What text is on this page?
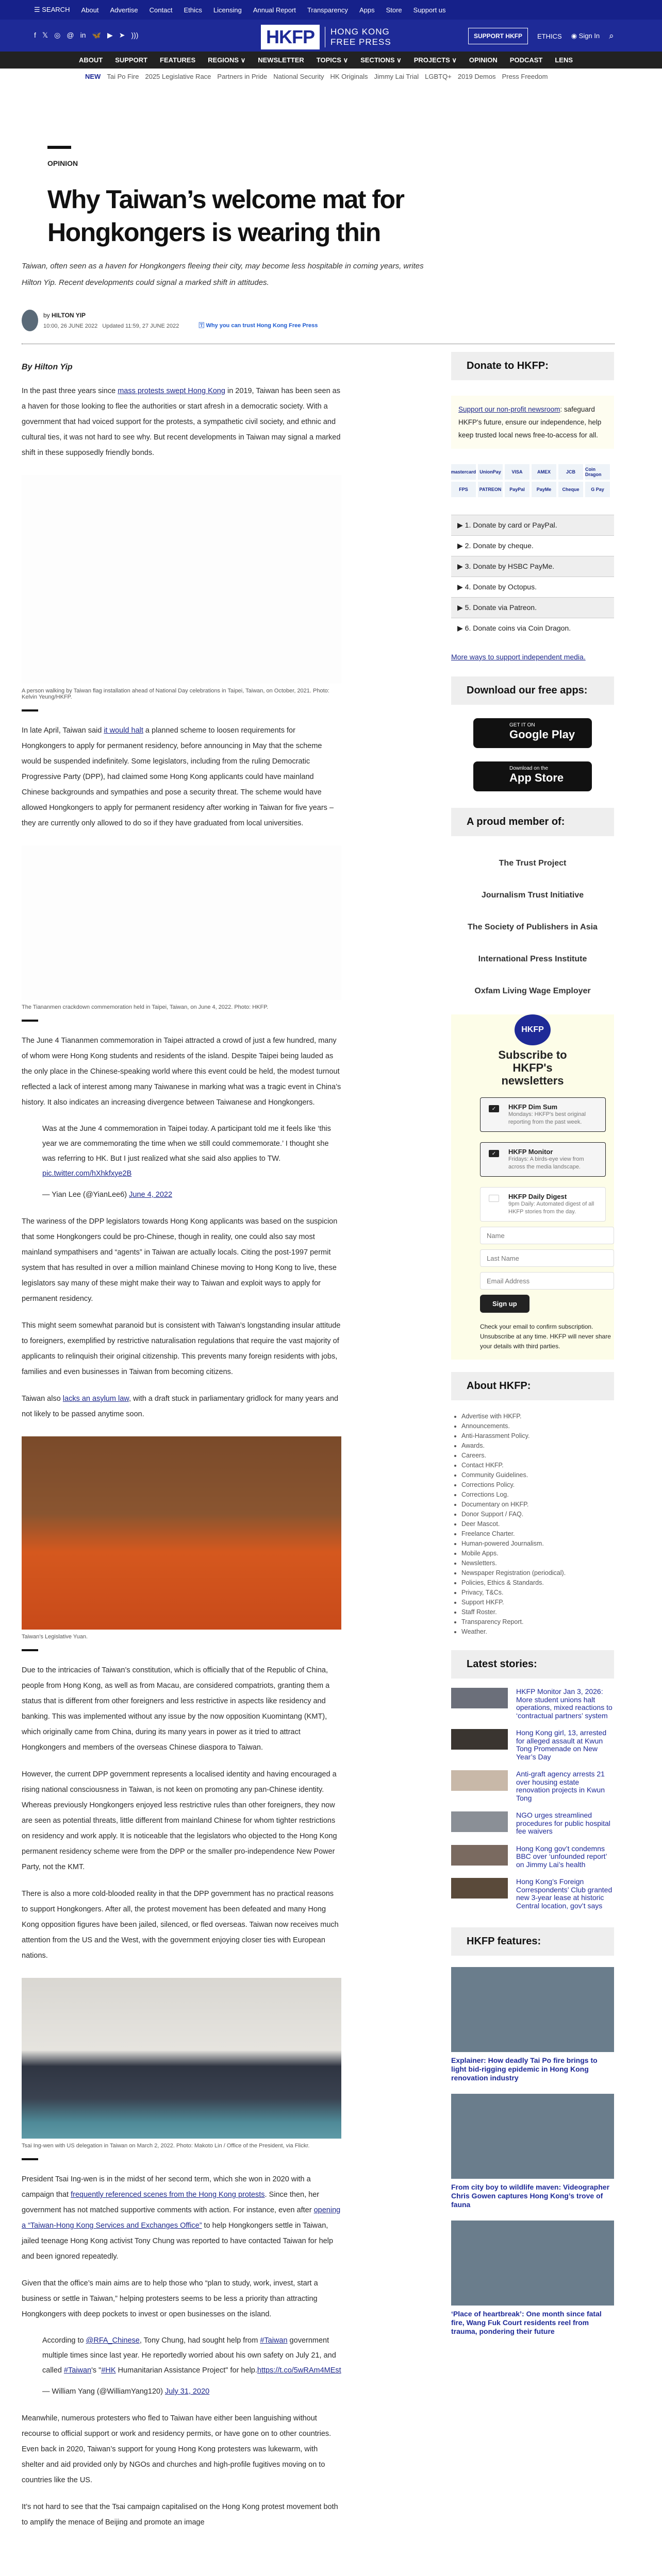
☰ SEARCH About Advertise Contact Ethics Licensing Annual Report Transparency Apps Store Support us
f 𝕏 ◎ @ in 🦋 ▶ ➤ )))	HKFP	HONG KONG
FREE PRESS
SUPPORT HKFP	ETHICS ◉ Sign In ⌕
ABOUT SUPPORT FEATURES REGIONS ∨ NEWSLETTER TOPICS ∨ SECTIONS ∨ PROJECTS ∨ OPINION PODCAST LENS
NEW Tai Po Fire 2025 Legislative Race Partners in Pride National Security HK Originals Jimmy Lai Trial LGBTQ+ 2019 Demos Press Freedom
OPINION
Why Taiwan’s welcome mat for Hongkongers is wearing thin
Taiwan, often seen as a haven for Hongkongers fleeing their city, may become less hospitable in coming years, writes Hilton Yip. Recent developments could signal a marked shift in attitudes.
by HILTON YIP
10:00, 26 JUNE 2022 Updated 11:59, 27 JUNE 2022	🅃 Why you can trust Hong Kong Free Press
By Hilton Yip
In the past three years since mass protests swept Hong Kong in 2019, Taiwan has been seen as a haven for those looking to flee the authorities or start afresh in a democratic society. With a government that had voiced support for the protests, a sympathetic civil society, and ethnic and cultural ties, it was not hard to see why. But recent developments in Taiwan may signal a marked shift in these supposedly friendly bonds.
A person walking by Taiwan flag installation ahead of National Day celebrations in Taipei, Taiwan, on October, 2021. Photo: Kelvin Yeung/HKFP.
In late April, Taiwan said it would halt a planned scheme to loosen requirements for Hongkongers to apply for permanent residency, before announcing in May that the scheme would be suspended indefinitely. Some legislators, including from the ruling Democratic Progressive Party (DPP), had claimed some Hong Kong applicants could have mainland Chinese backgrounds and sympathies and pose a security threat. The scheme would have allowed Hongkongers to apply for permanent residency after working in Taiwan for five years – they are currently only allowed to do so if they have graduated from local universities.
The Tiananmen crackdown commemoration held in Taipei, Taiwan, on June 4, 2022. Photo: HKFP.
The June 4 Tiananmen commemoration in Taipei attracted a crowd of just a few hundred, many of whom were Hong Kong students and residents of the island. Despite Taipei being lauded as the only place in the Chinese-speaking world where this event could be held, the modest turnout reflected a lack of interest among many Taiwanese in marking what was a tragic event in China’s history. It also indicates an increasing divergence between Taiwanese and Hongkongers.
Was at the June 4 commemoration in Taipei today. A participant told me it feels like ‘this year we are commemorating the time when we still could commemorate.’ I thought she was referring to HK. But I just realized what she said also applies to TW. pic.twitter.com/hXhkfxye2B
— Yian Lee (@YianLee6) June 4, 2022
The wariness of the DPP legislators towards Hong Kong applicants was based on the suspicion that some Hongkongers could be pro-Chinese, though in reality, one could also say most mainland sympathisers and “agents” in Taiwan are actually locals. Citing the post-1997 permit system that has resulted in over a million mainland Chinese moving to Hong Kong to live, these legislators say many of these might make their way to Taiwan and exploit ways to apply for permanent residency.
This might seem somewhat paranoid but is consistent with Taiwan’s longstanding insular attitude to foreigners, exemplified by restrictive naturalisation regulations that require the vast majority of applicants to relinquish their original citizenship. This prevents many foreign residents with jobs, families and even businesses in Taiwan from becoming citizens.
Taiwan also lacks an asylum law, with a draft stuck in parliamentary gridlock for many years and not likely to be passed anytime soon.
Taiwan’s Legislative Yuan.
Due to the intricacies of Taiwan’s constitution, which is officially that of the Republic of China, people from Hong Kong, as well as from Macau, are considered compatriots, granting them a status that is different from other foreigners and less restrictive in aspects like residency and banking. This was implemented without any issue by the now opposition Kuomintang (KMT), which originally came from China, during its many years in power as it tried to attract Hongkongers and members of the overseas Chinese diaspora to Taiwan.
However, the current DPP government represents a localised identity and having encouraged a rising national consciousness in Taiwan, is not keen on promoting any pan-Chinese identity. Whereas previously Hongkongers enjoyed less restrictive rules than other foreigners, they now are seen as potential threats, little different from mainland Chinese for whom tighter restrictions on residency and work apply. It is noticeable that the legislators who objected to the Hong Kong permanent residency scheme were from the DPP or the smaller pro-independence New Power Party, not the KMT.
There is also a more cold-blooded reality in that the DPP government has no practical reasons to support Hongkongers. After all, the protest movement has been defeated and many Hong Kong opposition figures have been jailed, silenced, or fled overseas. Taiwan now receives much attention from the US and the West, with the government enjoying closer ties with European nations.
Tsai Ing-wen with US delegation in Taiwan on March 2, 2022. Photo: Makoto Lin / Office of the President, via Flickr.
President Tsai Ing-wen is in the midst of her second term, which she won in 2020 with a campaign that frequently referenced scenes from the Hong Kong protests. Since then, her government has not matched supportive comments with action. For instance, even after opening a “Taiwan-Hong Kong Services and Exchanges Office” to help Hongkongers settle in Taiwan, jailed teenage Hong Kong activist Tony Chung was reported to have contacted Taiwan for help and been ignored repeatedly.
Given that the office’s main aims are to help those who “plan to study, work, invest, start a business or settle in Taiwan,” helping protesters seems to be less a priority than attracting Hongkongers with deep pockets to invest or open businesses on the island.
According to @RFA_Chinese, Tony Chung, had sought help from #Taiwan government multiple times since last year. He reportedly worried about his own safety on July 21, and called #Taiwan's "#HK Humanitarian Assistance Project" for help.https://t.co/5wRAm4MEst
— William Yang (@WilliamYang120) July 31, 2020
Meanwhile, numerous protesters who fled to Taiwan have either been languishing without recourse to official support or work and residency permits, or have gone on to other countries. Even back in 2020, Taiwan’s support for young Hong Kong protesters was lukewarm, with shelter and aid provided only by NGOs and churches and high-profile fugitives moving on to countries like the US.
It’s not hard to see that the Tsai campaign capitalised on the Hong Kong protest movement both to amplify the menace of Beijing and promote an image
Donate to HKFP:
Support our non-profit newsroom: safeguard HKFP's future, ensure our independence, help keep trusted local news free-to-access for all.
mastercard UnionPay	VISA	AMEX	JCB	Coin Dragon
FPS	PATREON	PayPal	PayMe	Cheque	G Pay
▶ 1. Donate by card or PayPal.
▶ 2. Donate by cheque.
▶ 3. Donate by HSBC PayMe.
▶ 4. Donate by Octopus.
▶ 5. Donate via Patreon.
▶ 6. Donate coins via Coin Dragon.
More ways to support independent media.
Download our free apps:
GET IT ON
Google Play
Download on the
App Store
A proud member of:
The Trust Project
Journalism Trust Initiative
The Society of Publishers in Asia
International Press Institute
Oxfam Living Wage Employer
HKFP
Subscribe to HKFP's newsletters
✓	HKFP Dim Sum
Mondays: HKFP's best original reporting from the past week.
✓	HKFP Monitor
Fridays: A birds-eye view from across the media landscape.
HKFP Daily Digest
9pm Daily: Automated digest of all HKFP stories from the day.
Name
Last Name
Email Address Sign up
Check your email to confirm subscription. Unsubscribe at any time. HKFP will never share your details with third parties.
About HKFP:
• Advertise with HKFP.
• Announcements.
• Anti-Harassment Policy.
• Awards.
• Careers.
• Contact HKFP.
• Community Guidelines.
• Corrections Policy.
• Corrections Log.
• Documentary on HKFP.
• Donor Support / FAQ.
• Deer Mascot.
• Freelance Charter.
• Human-powered Journalism.
• Mobile Apps.
• Newsletters.
• Newspaper Registration (periodical).
• Policies, Ethics & Standards.
• Privacy, T&Cs.
• Support HKFP.
• Staff Roster.
• Transparency Report.
• Weather.
Latest stories:
HKFP Monitor Jan 3, 2026: More student unions halt operations, mixed reactions to ‘contractual partners’ system
Hong Kong girl, 13, arrested for alleged assault at Kwun Tong Promenade on New Year’s Day
Anti-graft agency arrests 21 over housing estate renovation projects in Kwun Tong
NGO urges streamlined procedures for public hospital fee waivers
Hong Kong gov’t condemns BBC over ‘unfounded report’ on Jimmy Lai’s health
Hong Kong’s Foreign Correspondents’ Club granted new 3-year lease at historic Central location, gov’t says
HKFP features:
Explainer: How deadly Tai Po fire brings to light bid-rigging epidemic in Hong Kong renovation industry
From city boy to wildlife maven: Videographer Chris Gowen captures Hong Kong’s trove of fauna
‘Place of heartbreak’: One month since fatal fire, Wang Fuk Court residents reel from trauma, pondering their future
